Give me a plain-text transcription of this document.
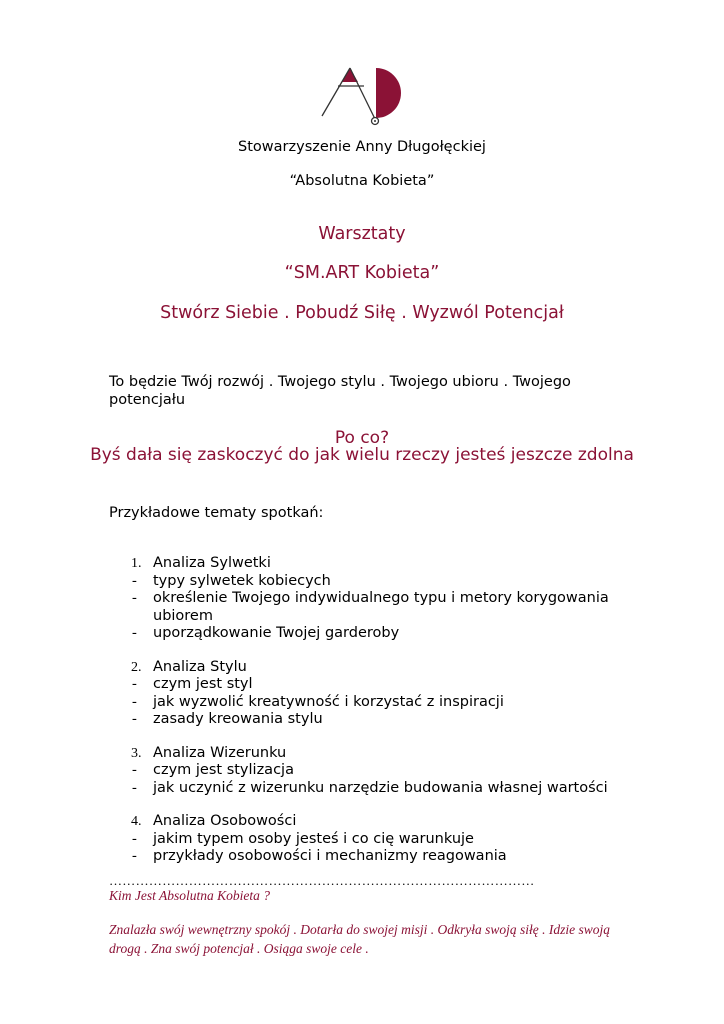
Stowarzyszenie Anny Długołęckiej
“Absolutna Kobieta”
Warsztaty
“SM.ART Kobieta”
Stwórz Siebie . Pobudź Siłę . Wyzwól Potencjał
To będzie Twój rozwój . Twojego stylu . Twojego ubioru . Twojego potencjału
Po co?
Byś dała się zaskoczyć do jak wielu rzeczy jesteś jeszcze zdolna
Przykładowe tematy spotkań:
1. Analiza Sylwetki
- typy sylwetek kobiecych
- określenie Twojego indywidualnego typu i metory korygowania ubiorem
- uporządkowanie Twojej garderoby
2. Analiza Stylu
- czym jest styl
- jak wyzwolić kreatywność i korzystać z inspiracji
- zasady kreowania stylu
3. Analiza Wizerunku
- czym jest stylizacja
- jak uczynić z wizerunku narzędzie budowania własnej wartości
4. Analiza Osobowości
- jakim typem osoby jesteś i co cię warunkuje
- przykłady osobowości i mechanizmy reagowania
……………………………………………………………………………………
Kim Jest Absolutna Kobieta ?
Znalazła swój wewnętrzny spokój . Dotarła do swojej misji . Odkryła swoją siłę . Idzie swoją drogą . Zna swój potencjał . Osiąga swoje cele .
